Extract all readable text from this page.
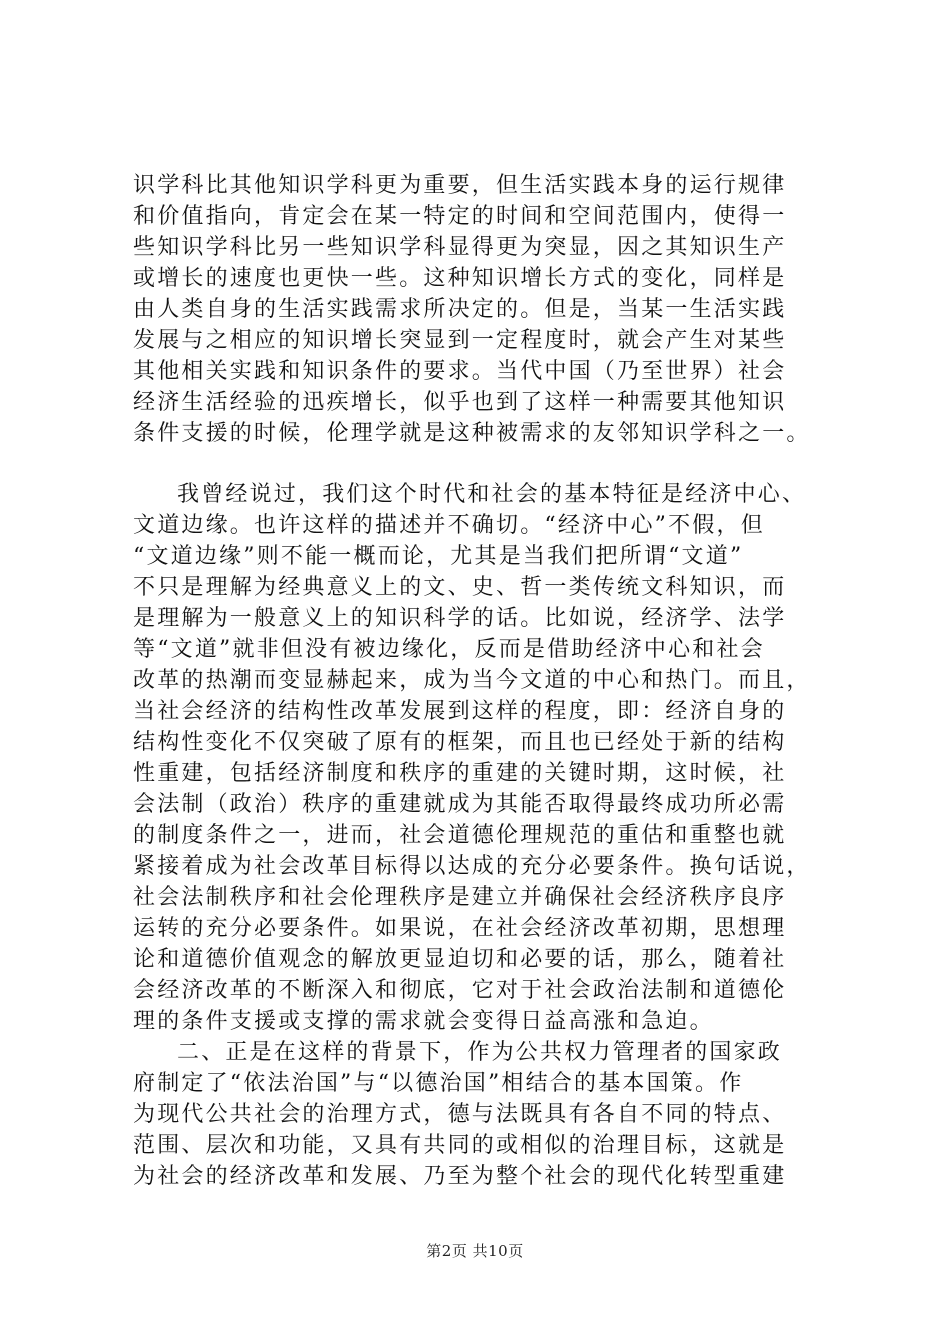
识学科比其他知识学科更为重要，但生活实践本身的运行规律
和价值指向，肯定会在某一特定的时间和空间范围内，使得一
些知识学科比另一些知识学科显得更为突显，因之其知识生产
或增长的速度也更快一些。这种知识增长方式的变化，同样是
由人类自身的生活实践需求所决定的。但是，当某一生活实践
发展与之相应的知识增长突显到一定程度时，就会产生对某些
其他相关实践和知识条件的要求。当代中国（乃至世界）社会
经济生活经验的迅疾增长，似乎也到了这样一种需要其他知识
条件支援的时候，伦理学就是这种被需求的友邻知识学科之一。
我曾经说过，我们这个时代和社会的基本特征是经济中心、
文道边缘。也许这样的描述并不确切。“经济中心”不假，但
“文道边缘”则不能一概而论，尤其是当我们把所谓“文道”
不只是理解为经典意义上的文、史、哲一类传统文科知识，而
是理解为一般意义上的知识科学的话。比如说，经济学、法学
等“文道”就非但没有被边缘化，反而是借助经济中心和社会
改革的热潮而变显赫起来，成为当今文道的中心和热门。而且，
当社会经济的结构性改革发展到这样的程度，即：经济自身的
结构性变化不仅突破了原有的框架，而且也已经处于新的结构
性重建，包括经济制度和秩序的重建的关键时期，这时候，社
会法制（政治）秩序的重建就成为其能否取得最终成功所必需
的制度条件之一，进而，社会道德伦理规范的重估和重整也就
紧接着成为社会改革目标得以达成的充分必要条件。换句话说，
社会法制秩序和社会伦理秩序是建立并确保社会经济秩序良序
运转的充分必要条件。如果说，在社会经济改革初期，思想理
论和道德价值观念的解放更显迫切和必要的话，那么，随着社
会经济改革的不断深入和彻底，它对于社会政治法制和道德伦
理的条件支援或支撑的需求就会变得日益高涨和急迫。
二、正是在这样的背景下，作为公共权力管理者的国家政
府制定了“依法治国”与“以德治国”相结合的基本国策。作
为现代公共社会的治理方式，德与法既具有各自不同的特点、
范围、层次和功能，又具有共同的或相似的治理目标，这就是
为社会的经济改革和发展、乃至为整个社会的现代化转型重建
第2页 共10页
